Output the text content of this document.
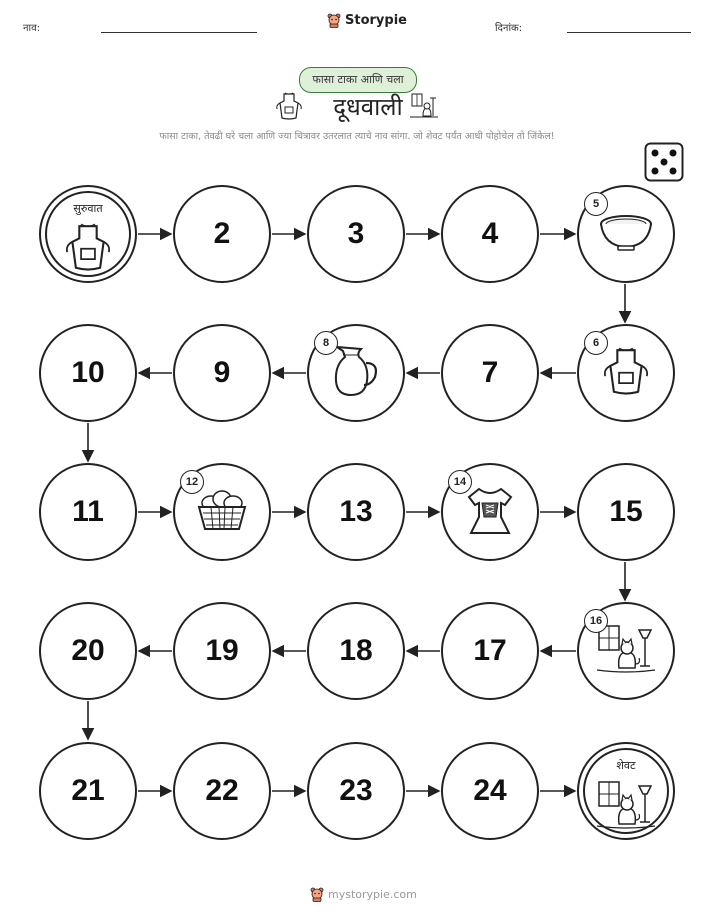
नाव:
Storypie
दिनांक:
फासा टाका आणि चला
दूधवाली
फासा टाका, तेवढी घरे चला आणि ज्या चित्रावर उतरलात त्याचे नाव सांगा. जो शेवट पर्यंत आधी पोहोचेल तो जिंकेल!
सुरुवात
2	3	4
5
6
7
8
9
10
11
12
13
14
15
16
17
18
19
20
21	22	23	24
शेवट
mystorypie.com
